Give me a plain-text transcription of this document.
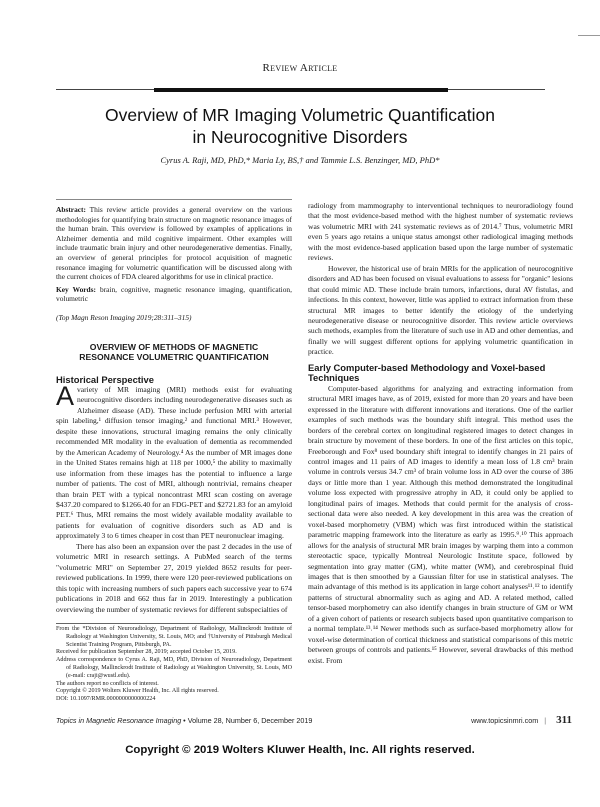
Review Article
Overview of MR Imaging Volumetric Quantification
in Neurocognitive Disorders
Cyrus A. Raji, MD, PhD,* Maria Ly, BS,† and Tammie L.S. Benzinger, MD, PhD*
Abstract: This review article provides a general overview on the various methodologies for quantifying brain structure on magnetic resonance images of the human brain. This overview is followed by examples of applications in Alzheimer dementia and mild cognitive impairment. Other examples will include traumatic brain injury and other neurodegenerative dementias. Finally, an overview of general principles for protocol acquisition of magnetic resonance imaging for volumetric quantification will be discussed along with the current choices of FDA cleared algorithms for use in clinical practice.
Key Words: brain, cognitive, magnetic resonance imaging, quantification, volumetric
(Top Magn Reson Imaging 2019;28:311–315)
OVERVIEW OF METHODS OF MAGNETIC
RESONANCE VOLUMETRIC QUANTIFICATION
Historical Perspective

A variety of MR imaging (MRI) methods exist for evaluating neurocognitive disorders including neurodegenerative diseases such as Alzheimer disease (AD). These include perfusion MRI with arterial spin labeling,¹ diffusion tensor imaging,² and functional MRI.³ However, despite these innovations, structural imaging remains the only clinically recommended MR modality in the evaluation of dementia as recommended by the American Academy of Neurology.⁴ As the number of MR images done in the United States remains high at 118 per 1000,⁵ the ability to maximally use information from these images has the potential to influence a large number of patients. The cost of MRI, although nontrivial, remains cheaper than brain PET with a typical noncontrast MRI scan costing on average $437.20 compared to $1266.40 for an FDG-PET and $2721.83 for an amyloid PET.⁶ Thus, MRI remains the most widely available modality available to patients for evaluation of cognitive disorders such as AD and is approximately 3 to 6 times cheaper in cost than PET neuronuclear imaging.

There has also been an expansion over the past 2 decades in the use of volumetric MRI in research settings. A PubMed search of the terms "volumetric MRI" on September 27, 2019 yielded 8652 results for peer-reviewed publications. In 1999, there were 120 peer-reviewed publications on this topic with increasing numbers of such papers each successive year to 674 publications in 2018 and 662 thus far in 2019. Interestingly a publication overviewing the number of systematic reviews for different subspecialties of

From the *Division of Neuroradiology, Department of Radiology, Mallinckrodt Institute of Radiology at Washington University, St. Louis, MO; and †University of Pittsburgh Medical Scientist Training Program, Pittsburgh, PA.

Received for publication September 28, 2019; accepted October 15, 2019.

Address correspondence to Cyrus A. Raji, MD, PhD, Division of Neuroradiology, Department of Radiology, Mallinckrodt Institute of Radiology at Washington University, St. Louis, MO (e-mail: craji@wustl.edu).

The authors report no conflicts of interest.

Copyright © 2019 Wolters Kluwer Health, Inc. All rights reserved.

DOI: 10.1097/RMR.0000000000000224

radiology from mammography to interventional techniques to neuroradiology found that the most evidence-based method with the highest number of systematic reviews was volumetric MRI with 241 systematic reviews as of 2014.⁷ Thus, volumetric MRI even 5 years ago retains a unique status amongst other radiological imaging methods with the most evidence-based application based upon the large number of systematic reviews.

However, the historical use of brain MRIs for the application of neurocognitive disorders and AD has been focused on visual evaluations to assess for "organic'' lesions that could mimic AD. These include brain tumors, infarctions, dural AV fistulas, and infections. In this context, however, little was applied to extract information from these structural MR images to better identify the etiology of the underlying neurodegenerative disease or neurocognitive disorder. This review article overviews such methods, examples from the literature of such use in AD and other dementias, and finally we will suggest different options for applying volumetric quantification in practice.

Early Computer-based Methodology and Voxel-based Techniques

Computer-based algorithms for analyzing and extracting information from structural MRI images have, as of 2019, existed for more than 20 years and have been expressed in the literature with different innovations and iterations. One of the earlier examples of such methods was the boundary shift integral. This method uses the borders of the cerebral cortex on longitudinal registered images to detect changes in brain structure by movement of these borders. In one of the first articles on this topic, Freeborough and Fox⁸ used boundary shift integral to identify changes in 21 pairs of control images and 11 pairs of AD images to identify a mean loss of 1.8 cm³ brain volume in controls versus 34.7 cm³ of brain volume loss in AD over the course of 386 days or little more than 1 year. Although this method demonstrated the longitudinal volume loss expected with progressive atrophy in AD, it could only be applied to longitudinal pairs of images. Methods that could permit for the analysis of cross-sectional data were also needed. A key development in this area was the creation of voxel-based morphometry (VBM) which was first introduced within the statistical parametric mapping framework into the literature as early as 1995.⁹˒¹⁰ This approach allows for the analysis of structural MR brain images by warping them into a common stereotactic space, typically Montreal Neurologic Institute space, followed by segmentation into gray matter (GM), white matter (WM), and cerebrospinal fluid images that is then smoothed by a Gaussian filter for use in statistical analyses. The main advantage of this method is its application in large cohort analyses¹¹˒¹² to identify patterns of structural abnormality such as aging and AD. A related method, called tensor-based morphometry can also identify changes in brain structure of GM or WM of a given cohort of patients or research subjects based upon quantitative comparison to a normal template.¹³˒¹⁴ Newer methods such as surface-based morphometry allow for voxel-wise determination of cortical thickness and statistical comparisons of this metric between groups of controls and patients.¹⁵ However, several drawbacks of this method exist. From

Topics in Magnetic Resonance Imaging • Volume 28, Number 6, December 2019	www.topicsinmri.com | 311
Copyright © 2019 Wolters Kluwer Health, Inc. All rights reserved.
